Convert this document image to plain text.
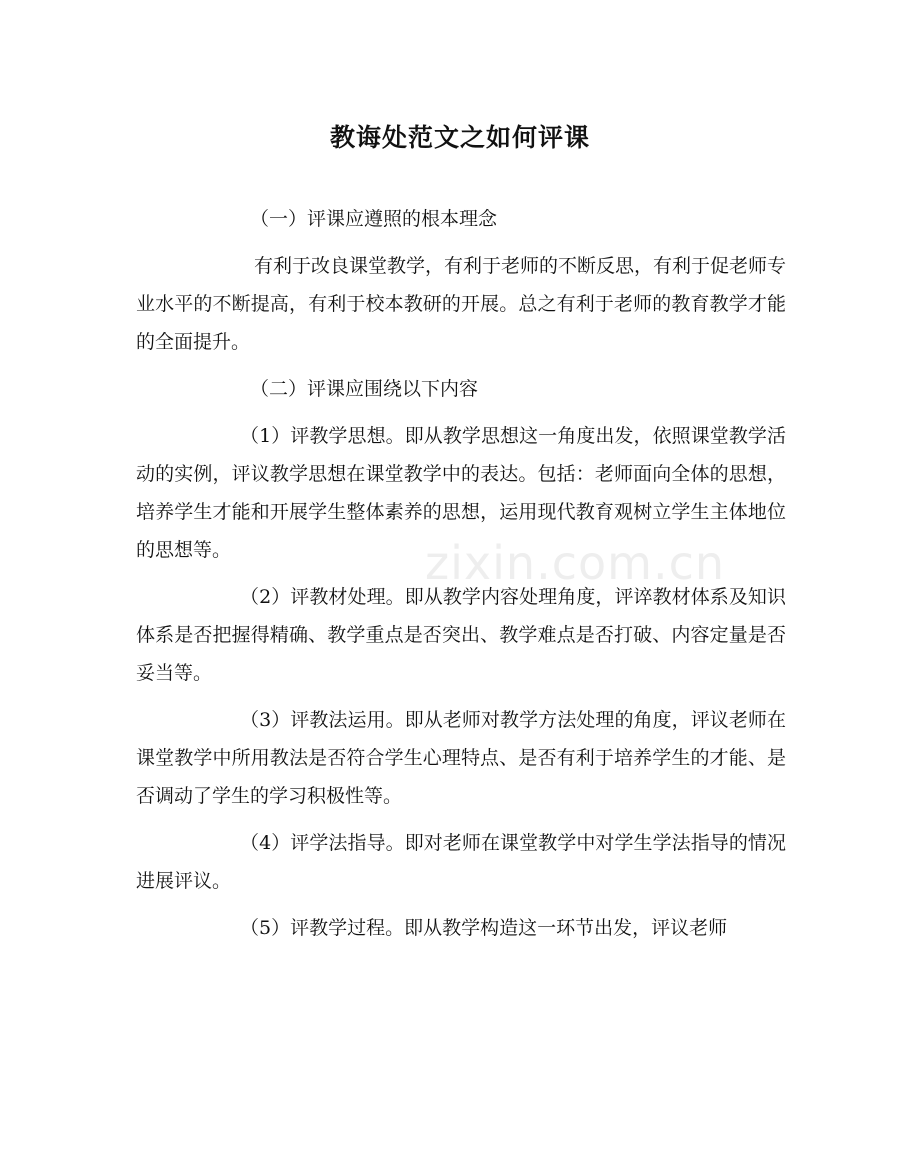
zixin.com.cn
教诲处范文之如何评课

（一）评课应遵照的根本理念

有利于改良课堂教学，有利于老师的不断反思，有利于促老师专业水平的不断提高，有利于校本教研的开展。总之有利于老师的教育教学才能的全面提升。

（二）评课应围绕以下内容

（1）评教学思想。即从教学思想这一角度出发，依照课堂教学活动的实例，评议教学思想在课堂教学中的表达。包括：老师面向全体的思想，培养学生才能和开展学生整体素养的思想，运用现代教育观树立学生主体地位的思想等。

（2）评教材处理。即从教学内容处理角度，评谇教材体系及知识体系是否把握得精确、教学重点是否突出、教学难点是否打破、内容定量是否妥当等。

（3）评教法运用。即从老师对教学方法处理的角度，评议老师在课堂教学中所用教法是否符合学生心理特点、是否有利于培养学生的才能、是否调动了学生的学习积极性等。

（4）评学法指导。即对老师在课堂教学中对学生学法指导的情况进展评议。

（5）评教学过程。即从教学构造这一环节出发，评议老师
